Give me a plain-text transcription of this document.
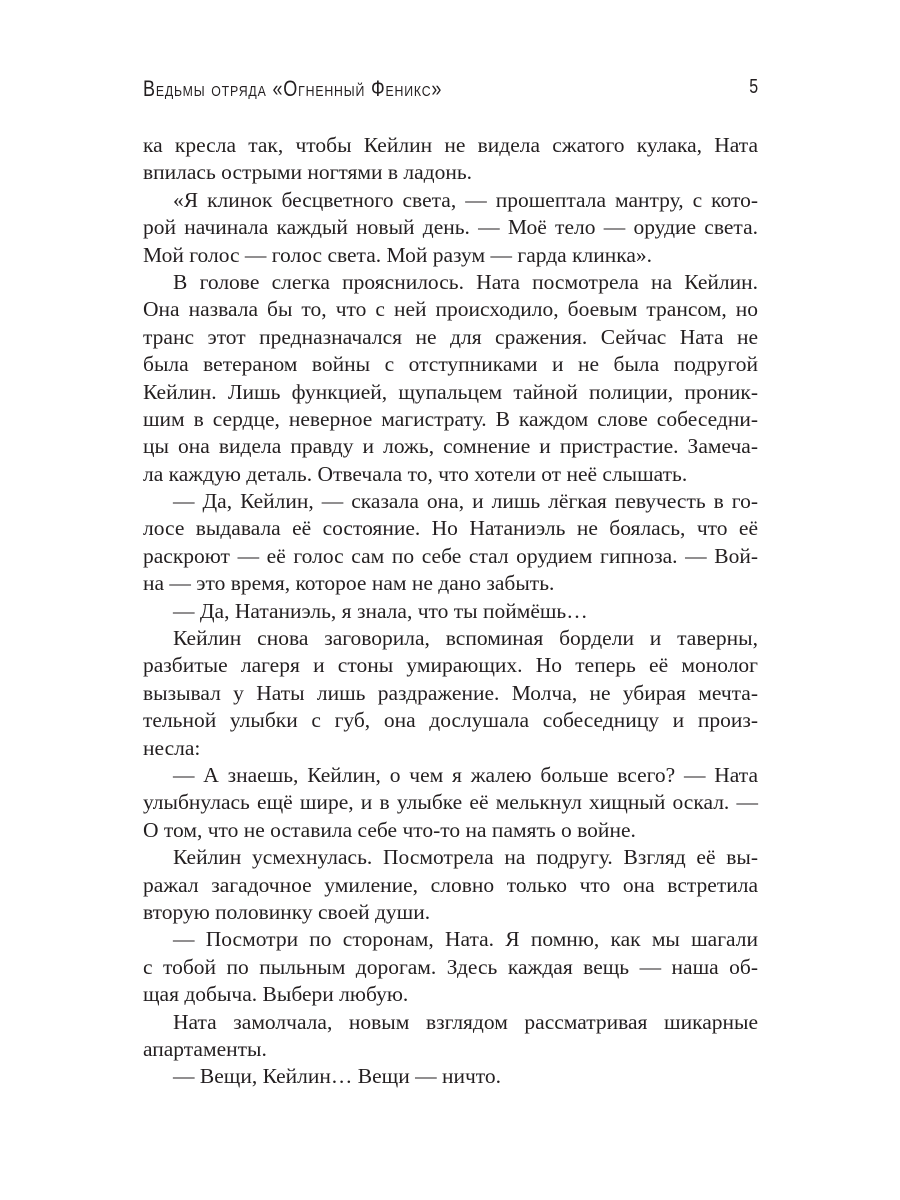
Ведьмы отряда «Огненный Феникс»	5
ка кресла так, чтобы Кейлин не видела сжатого кулака, Ната
впилась острыми ногтями в ладонь.
«Я клинок бесцветного света, — прошептала мантру, с кото-
рой начинала каждый новый день. — Моё тело — орудие света.
Мой голос — голос света. Мой разум — гарда клинка».
В голове слегка прояснилось. Ната посмотрела на Кейлин.
Она назвала бы то, что с ней происходило, боевым трансом, но
транс этот предназначался не для сражения. Сейчас Ната не
была ветераном войны с отступниками и не была подругой
Кейлин. Лишь функцией, щупальцем тайной полиции, проник-
шим в сердце, неверное магистрату. В каждом слове собеседни-
цы она видела правду и ложь, сомнение и пристрастие. Замеча-
ла каждую деталь. Отвечала то, что хотели от неё слышать.
— Да, Кейлин, — сказала она, и лишь лёгкая певучесть в го-
лосе выдавала её состояние. Но Натаниэль не боялась, что её
раскроют — её голос сам по себе стал орудием гипноза. — Вой-
на — это время, которое нам не дано забыть.
— Да, Натаниэль, я знала, что ты поймёшь…
Кейлин снова заговорила, вспоминая бордели и таверны,
разбитые лагеря и стоны умирающих. Но теперь её монолог
вызывал у Наты лишь раздражение. Молча, не убирая мечта-
тельной улыбки с губ, она дослушала собеседницу и произ-
несла:
— А знаешь, Кейлин, о чем я жалею больше всего? — Ната
улыбнулась ещё шире, и в улыбке её мелькнул хищный оскал. —
О том, что не оставила себе что-то на память о войне.
Кейлин усмехнулась. Посмотрела на подругу. Взгляд её вы-
ражал загадочное умиление, словно только что она встретила
вторую половинку своей души.
— Посмотри по сторонам, Ната. Я помню, как мы шагали
с тобой по пыльным дорогам. Здесь каждая вещь — наша об-
щая добыча. Выбери любую.
Ната замолчала, новым взглядом рассматривая шикарные
апартаменты.
— Вещи, Кейлин… Вещи — ничто.
